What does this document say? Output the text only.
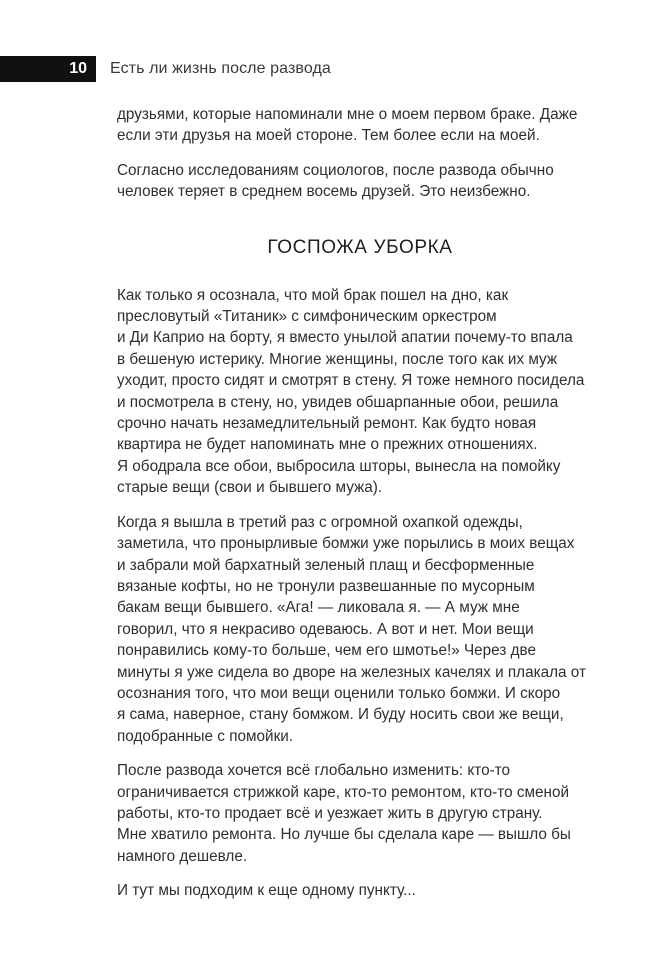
10	Есть ли жизнь после развода

друзьями, которые напоминали мне о моем первом браке. Даже
если эти друзья на моей стороне. Тем более если на моей.

Согласно исследованиям социологов, после развода обычно
человек теряет в среднем восемь друзей. Это неизбежно.

ГОСПОЖА УБОРКА

Как только я осознала, что мой брак пошел на дно, как
пресловутый «Титаник» с симфоническим оркестром
и Ди Каприо на борту, я вместо унылой апатии почему-то впала
в бешеную истерику. Многие женщины, после того как их муж
уходит, просто сидят и смотрят в стену. Я тоже немного посидела
и посмотрела в стену, но, увидев обшарпанные обои, решила
срочно начать незамедлительный ремонт. Как будто новая
квартира не будет напоминать мне о прежних отношениях.
Я ободрала все обои, выбросила шторы, вынесла на помойку
старые вещи (свои и бывшего мужа).

Когда я вышла в третий раз с огромной охапкой одежды,
заметила, что пронырливые бомжи уже порылись в моих вещах
и забрали мой бархатный зеленый плащ и бесформенные
вязаные кофты, но не тронули развешанные по мусорным
бакам вещи бывшего. «Ага! — ликовала я. — А муж мне
говорил, что я некрасиво одеваюсь. А вот и нет. Мои вещи
понравились кому-то больше, чем его шмотье!» Через две
минуты я уже сидела во дворе на железных качелях и плакала от
осознания того, что мои вещи оценили только бомжи. И скоро
я сама, наверное, стану бомжом. И буду носить свои же вещи,
подобранные с помойки.

После развода хочется всё глобально изменить: кто-то
ограничивается стрижкой каре, кто-то ремонтом, кто-то сменой
работы, кто-то продает всё и уезжает жить в другую страну.
Мне хватило ремонта. Но лучше бы сделала каре — вышло бы
намного дешевле.

И тут мы подходим к еще одному пункту...
